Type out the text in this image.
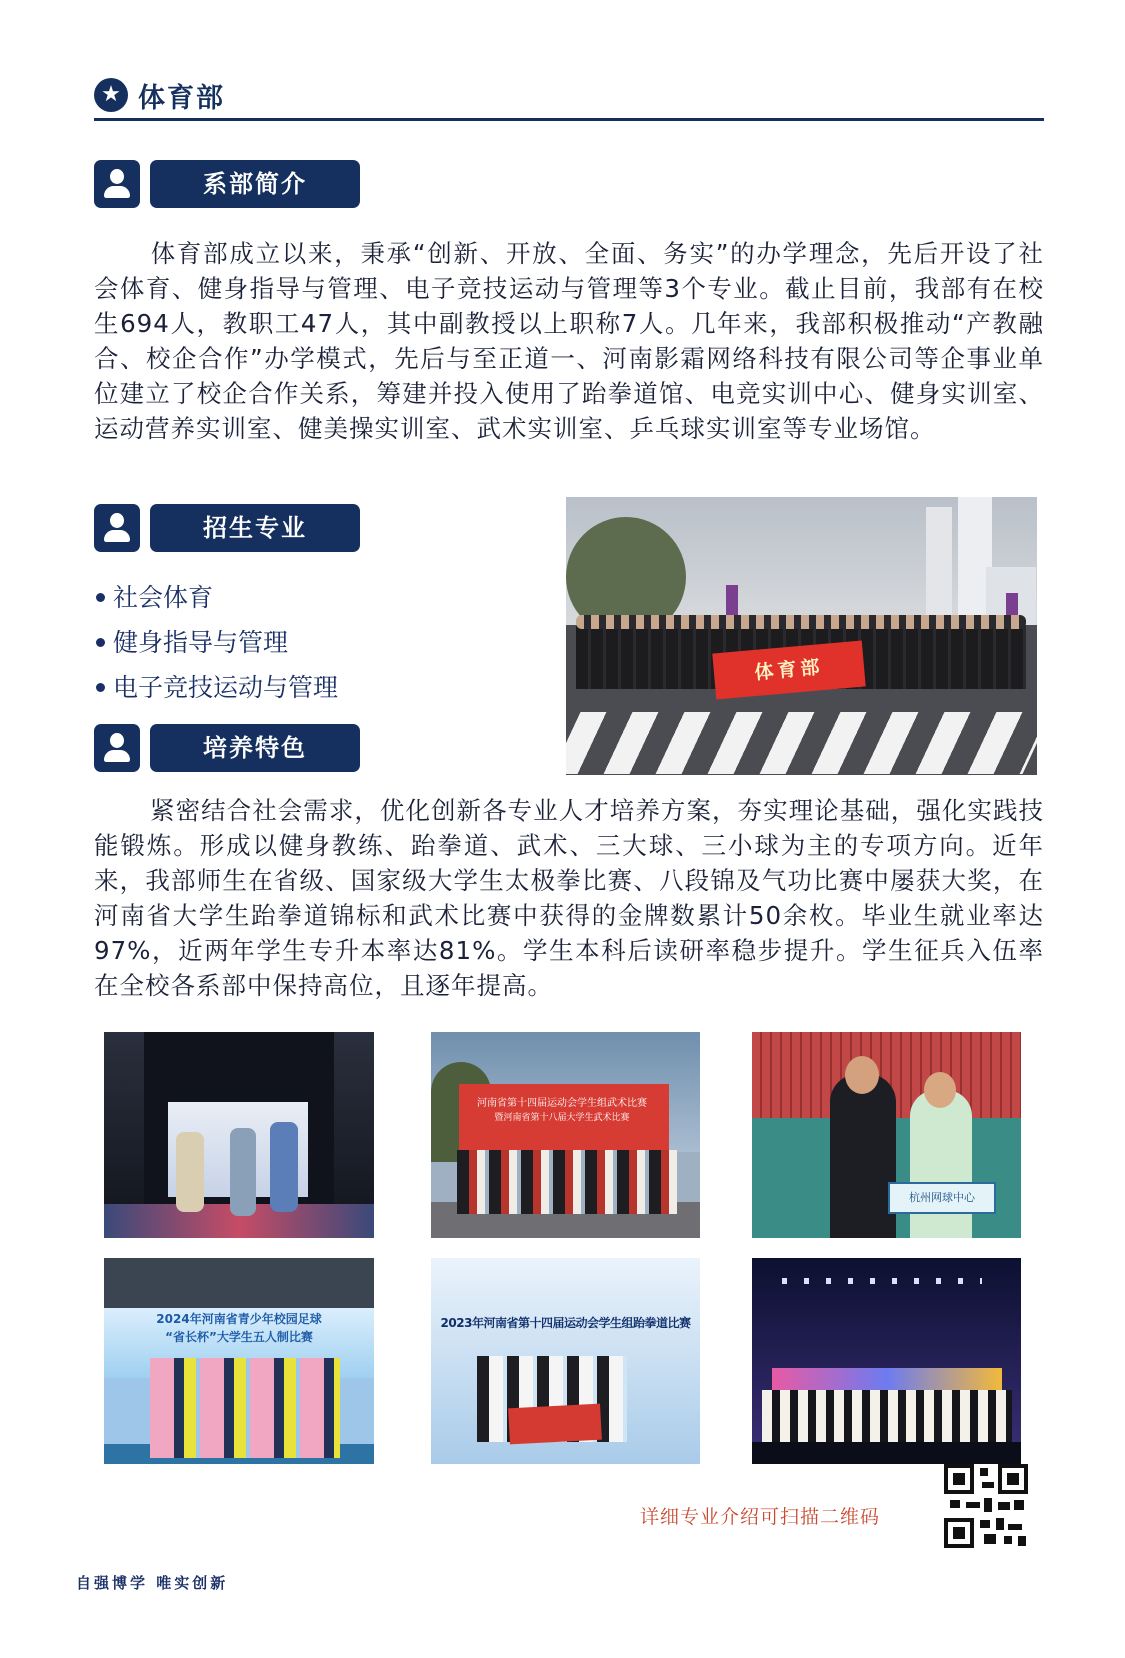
★ 体育部
系部简介
体育部成立以来，秉承“创新、开放、全面、务实”的办学理念，先后开设了社会体育、健身指导与管理、电子竞技运动与管理等3个专业。截止目前，我部有在校生694人，教职工47人，其中副教授以上职称7人。几年来，我部积极推动“产教融合、校企合作”办学模式，先后与至正道一、河南影霜网络科技有限公司等企事业单位建立了校企合作关系，筹建并投入使用了跆拳道馆、电竞实训中心、健身实训室、运动营养实训室、健美操实训室、武术实训室、乒乓球实训室等专业场馆。
招生专业
社会体育
健身指导与管理
电子竞技运动与管理
体育部
培养特色
紧密结合社会需求，优化创新各专业人才培养方案，夯实理论基础，强化实践技能锻炼。形成以健身教练、跆拳道、武术、三大球、三小球为主的专项方向。近年来，我部师生在省级、国家级大学生太极拳比赛、八段锦及气功比赛中屡获大奖，在河南省大学生跆拳道锦标和武术比赛中获得的金牌数累计50余枚。毕业生就业率达97%，近两年学生专升本率达81%。学生本科后读研率稳步提升。学生征兵入伍率在全校各系部中保持高位，且逐年提高。
河南省第十四届运动会学生组武术比赛
暨河南省第十八届大学生武术比赛
杭州网球中心
2024年河南省青少年校园足球
“省长杯”大学生五人制比赛
2023年河南省第十四届运动会学生组跆拳道比赛
详细专业介绍可扫描二维码
自强博学 唯实创新
